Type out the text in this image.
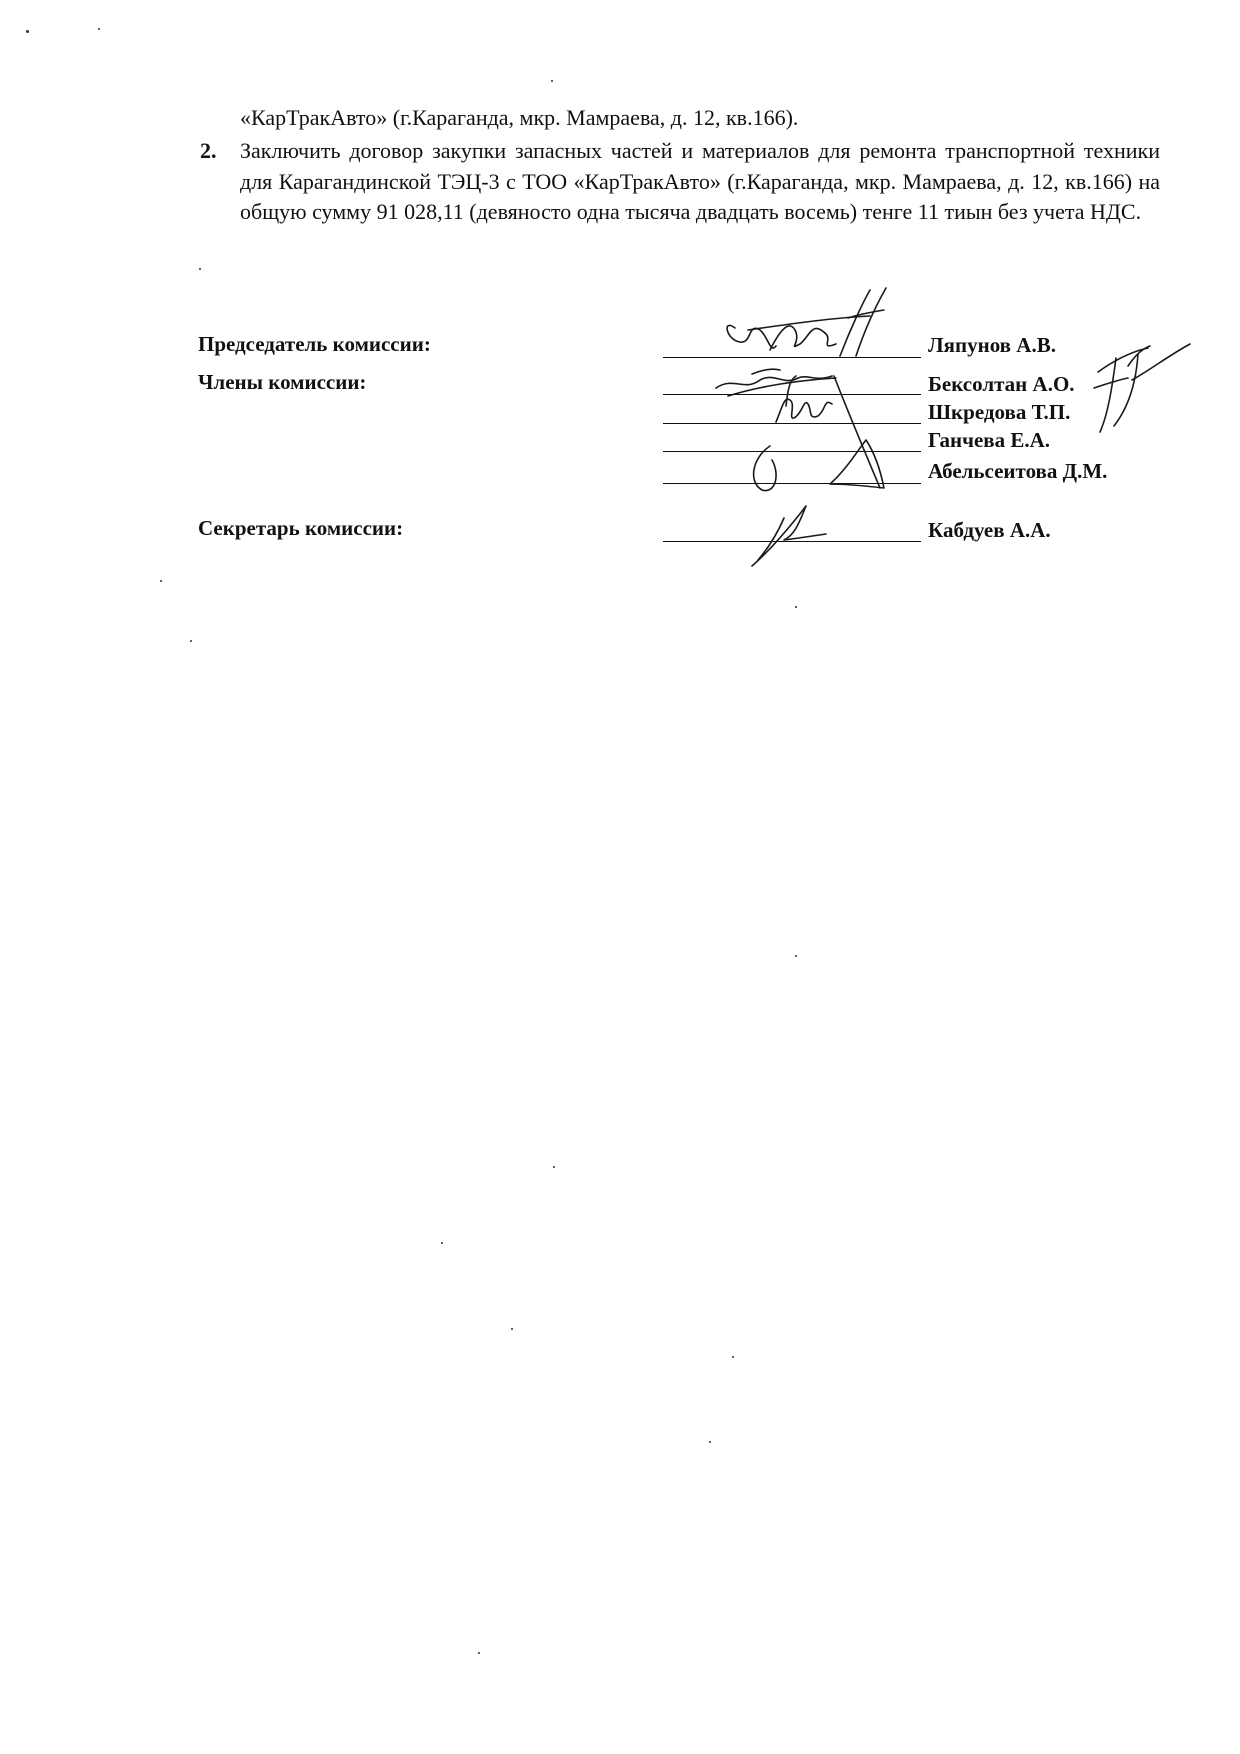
«КарТракАвто» (г.Караганда, мкр. Мамраева, д. 12, кв.166).
2. Заключить договор закупки запасных частей и материалов для ремонта транспортной техники для Карагандинской ТЭЦ-3 с ТОО «КарТракАвто» (г.Караганда, мкр. Мамраева, д. 12, кв.166) на общую сумму 91 028,11 (девяносто одна тысяча двадцать восемь) тенге 11 тиын без учета НДС.
Председатель комиссии:
Члены комиссии:
Секретарь комиссии:
Ляпунов А.В.
Бексолтан А.О.
Шкредова Т.П.
Ганчева Е.А.
Абельсеитова Д.М.
Кабдуев А.А.
